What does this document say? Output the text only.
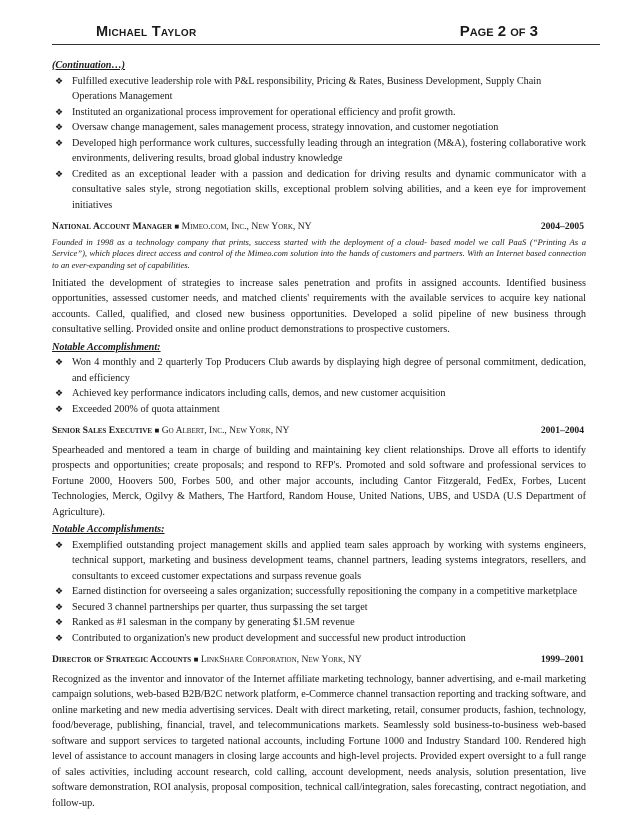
Michael Taylor	Page 2 of 3

(Continuation…)

❖ Fulfilled executive leadership role with P&L responsibility, Pricing & Rates, Business Development, Supply Chain Operations Management
❖ Instituted an organizational process improvement for operational efficiency and profit growth.
❖ Oversaw change management, sales management process, strategy innovation, and customer negotiation
❖ Developed high performance work cultures, successfully leading through an integration (M&A), fostering collaborative work environments, delivering results, broad global industry knowledge
❖ Credited as an exceptional leader with a passion and dedication for driving results and dynamic communicator with a consultative sales style, strong negotiation skills, exceptional problem solving abilities, and a keen eye for improvement initiatives
National Account Manager ■ Mimeo.com, Inc., New York, NY	2004–2005

Founded in 1998 as a technology company that prints, success started with the deployment of a cloud- based model we call PaaS (“Printing As a Service”), which places direct access and control of the Mimeo.com solution into the hands of customers and partners. With an Internet based connection to an ever-expanding set of capabilities.

Initiated the development of strategies to increase sales penetration and profits in assigned accounts. Identified business opportunities, assessed customer needs, and matched clients' requirements with the available services to acquire key national accounts. Called, qualified, and closed new business opportunities. Developed a solid pipeline of new business through consultative selling. Provided onsite and online product demonstrations to prospective customers.

Notable Accomplishment:

❖ Won 4 monthly and 2 quarterly Top Producers Club awards by displaying high degree of personal commitment, dedication, and efficiency
❖ Achieved key performance indicators including calls, demos, and new customer acquisition
❖ Exceeded 200% of quota attainment
Senior Sales Executive ■ Go Albert, Inc., New York, NY	2001–2004

Spearheaded and mentored a team in charge of building and maintaining key client relationships. Drove all efforts to identify prospects and opportunities; create proposals; and respond to RFP's. Promoted and sold software and professional services to Fortune 2000, Hoovers 500, Forbes 500, and other major accounts, including Cantor Fitzgerald, FedEx, Forbes, Lucent Technologies, Merck, Ogilvy & Mathers, The Hartford, Random House, United Nations, UBS, and USDA (U.S Department of Agriculture).

Notable Accomplishments:

❖ Exemplified outstanding project management skills and applied team sales approach by working with systems engineers, technical support, marketing and business development teams, channel partners, leading systems integrators, resellers, and consultants to exceed customer expectations and surpass revenue goals
❖ Earned distinction for overseeing a sales organization; successfully repositioning the company in a competitive marketplace
❖ Secured 3 channel partnerships per quarter, thus surpassing the set target
❖ Ranked as #1 salesman in the company by generating $1.5M revenue
❖ Contributed to organization's new product development and successful new product introduction
Director of Strategic Accounts ■ LinkShare Corporation, New York, NY	1999–2001

Recognized as the inventor and innovator of the Internet affiliate marketing technology, banner advertising, and e-mail marketing campaign solutions, web-based B2B/B2C network platform, e-Commerce channel transaction reporting and tracking software, and online marketing and new media advertising services. Dealt with direct marketing, retail, consumer products, fashion, technology, food/beverage, publishing, financial, travel, and telecommunications markets. Seamlessly sold business-to-business web-based software and support services to targeted national accounts, including Fortune 1000 and Industry Standard 100. Rendered high level of assistance to account managers in closing large accounts and high-level projects. Provided expert oversight to a full range of sales activities, including account research, cold calling, account development, needs analysis, solution presentation, live software demonstration, ROI analysis, proposal composition, technical call/integration, sales forecasting, contract negotiation, and follow-up.
